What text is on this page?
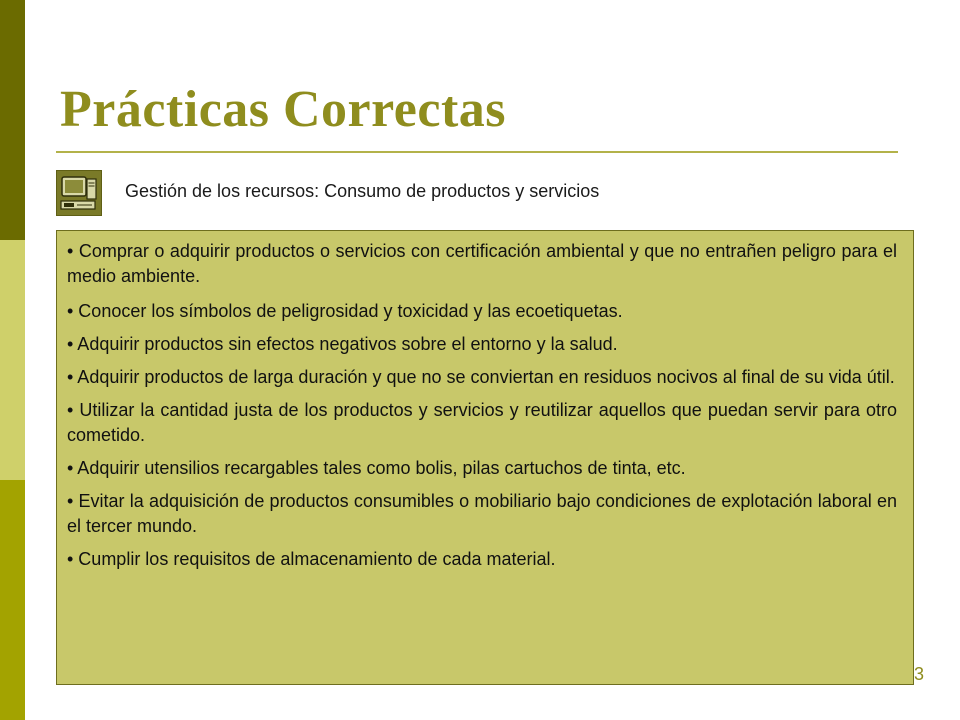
Prácticas Correctas
Gestión de los recursos: Consumo de productos y servicios

• Comprar o adquirir productos o servicios con certificación ambiental y que no entrañen peligro para el medio ambiente.

• Conocer los símbolos de peligrosidad y toxicidad y las ecoetiquetas.

• Adquirir productos sin efectos negativos sobre el entorno y la salud.

• Adquirir productos de larga duración y que no se conviertan en residuos nocivos al final de su vida útil.

• Utilizar la cantidad justa de los productos y servicios y reutilizar aquellos que puedan servir para otro cometido.

• Adquirir utensilios recargables tales como bolis, pilas cartuchos de tinta, etc.

• Evitar la adquisición de productos consumibles o mobiliario bajo condiciones de explotación laboral en el tercer mundo.

• Cumplir los requisitos de almacenamiento de cada material.

3
